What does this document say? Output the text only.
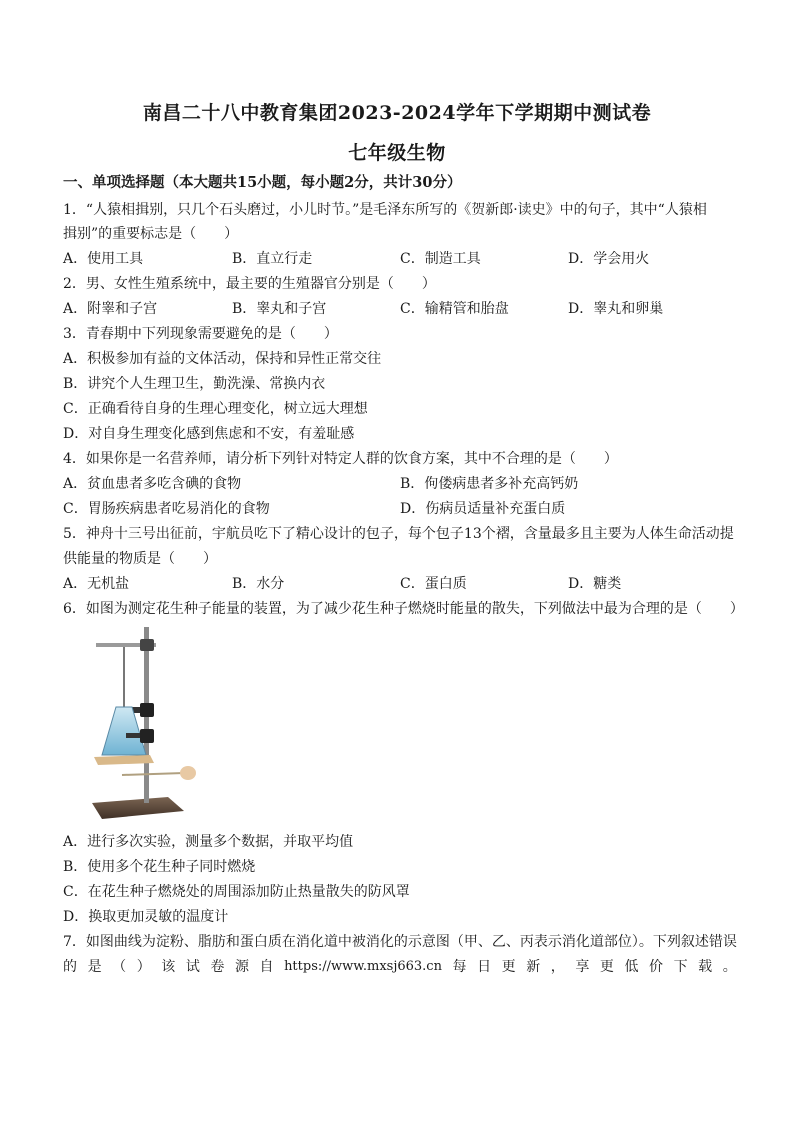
南昌二十八中教育集团2023-2024学年下学期期中测试卷
七年级生物
一、单项选择题（本大题共15小题，每小题2分，共计30分）
1．“人猿相揖别，只几个石头磨过，小儿时节。”是毛泽东所写的《贺新郎·读史》中的句子，其中“人猿相
揖别”的重要标志是（　　）
A．使用工具	B．直立行走	C．制造工具	D．学会用火
2．男、女性生殖系统中，最主要的生殖器官分别是（　　）
A．附睾和子宫	B．睾丸和子宫	C．输精管和胎盘	D．睾丸和卵巢
3．青春期中下列现象需要避免的是（　　）
A．积极参加有益的文体活动，保持和异性正常交往
B．讲究个人生理卫生，勤洗澡、常换内衣
C．正确看待自身的生理心理变化，树立远大理想
D．对自身生理变化感到焦虑和不安，有羞耻感
4．如果你是一名营养师，请分析下列针对特定人群的饮食方案，其中不合理的是（　　）
A．贫血患者多吃含碘的食物	B．佝偻病患者多补充高钙奶
C．胃肠疾病患者吃易消化的食物	D．伤病员适量补充蛋白质
5．神舟十三号出征前，宇航员吃下了精心设计的包子，每个包子13个褶，含量最多且主要为人体生命活动提
供能量的物质是（　　）
A．无机盐	B．水分	C．蛋白质	D．糖类
6．如图为测定花生种子能量的装置，为了减少花生种子燃烧时能量的散失，下列做法中最为合理的是（　　）
A．进行多次实验，测量多个数据，并取平均值
B．使用多个花生种子同时燃烧
C．在花生种子燃烧处的周围添加防止热量散失的防风罩
D．换取更加灵敏的温度计
7．如图曲线为淀粉、脂肪和蛋白质在消化道中被消化的示意图（甲、乙、丙表示消化道部位）。下列叙述错误
的 是 （ ） 该 试 卷 源 自 https://www.mxsj663.cn 每 日 更 新 ， 享 更 低 价 下 载 。
